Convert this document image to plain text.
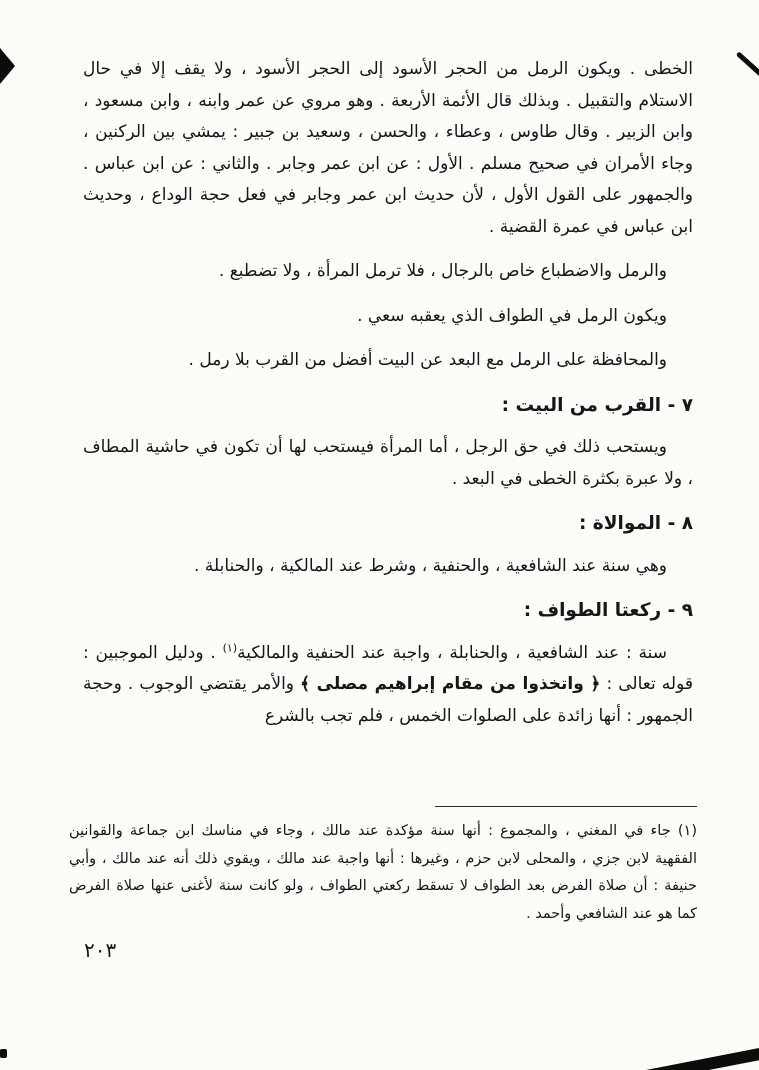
الخطى . ويكون الرمل من الحجر الأسود إلى الحجر الأسود ، ولا يقف إلا في حال الاستلام والتقبيل . وبذلك قال الأئمة الأربعة . وهو مروي عن عمر وابنه ، وابن مسعود ، وابن الزبير . وقال طاوس ، وعطاء ، والحسن ، وسعيد بن جبير : يمشي بين الركنين ، وجاء الأمران في صحيح مسلم . الأول : عن ابن عمر وجابر . والثاني : عن ابن عباس . والجمهور على القول الأول ، لأن حديث ابن عمر وجابر في فعل حجة الوداع ، وحديث ابن عباس في عمرة القضية .

والرمل والاضطباع خاص بالرجال ، فلا ترمل المرأة ، ولا تضطبع .

ويكون الرمل في الطواف الذي يعقبه سعي .

والمحافظة على الرمل مع البعد عن البيت أفضل من القرب بلا رمل .

٧ - القرب من البيت :

ويستحب ذلك في حق الرجل ، أما المرأة فيستحب لها أن تكون في حاشية المطاف ، ولا عبرة بكثرة الخطى في البعد .

٨ - الموالاة :

وهي سنة عند الشافعية ، والحنفية ، وشرط عند المالكية ، والحنابلة .

٩ - ركعتا الطواف :

سنة : عند الشافعية ، والحنابلة ، واجبة عند الحنفية والمالكية$^{(١)}$ . ودليل الموجبين : قوله تعالى : ﴿ واتخذوا من مقام إبراهيم مصلى ﴾ والأمر يقتضي الوجوب . وحجة الجمهور : أنها زائدة على الصلوات الخمس ، فلم تجب بالشرع

(١) جاء في المغني ، والمجموع : أنها سنة مؤكدة عند مالك ، وجاء في مناسك ابن جماعة والقوانين الفقهية لابن جزي ، والمحلى لابن حزم ، وغيرها : أنها واجبة عند مالك ، ويقوي ذلك أنه عند مالك ، وأبي حنيفة : أن صلاة الفرض بعد الطواف لا تسقط ركعتي الطواف ، ولو كانت سنة لأغنى عنها صلاة الفرض كما هو عند الشافعي وأحمد .

٢٠٣
